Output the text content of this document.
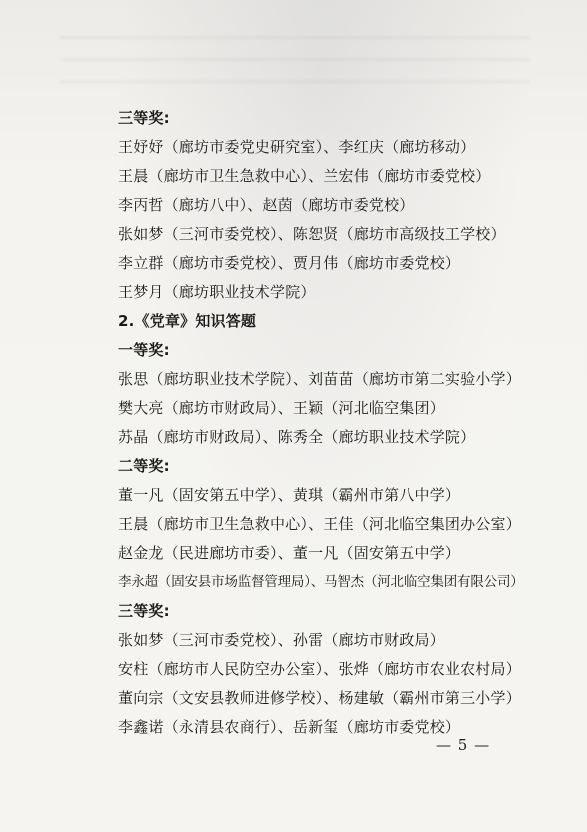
三等奖:
王妤妤（廊坊市委党史研究室）、李红庆（廊坊移动）
王晨（廊坊市卫生急救中心）、兰宏伟（廊坊市委党校）
李丙哲（廊坊八中）、赵茵（廊坊市委党校）
张如梦（三河市委党校）、陈恕贤（廊坊市高级技工学校）
李立群（廊坊市委党校）、贾月伟（廊坊市委党校）
王梦月（廊坊职业技术学院）
2.《党章》知识答题
一等奖:
张思（廊坊职业技术学院）、刘苗苗（廊坊市第二实验小学）
樊大亮（廊坊市财政局）、王颖（河北临空集团）
苏晶（廊坊市财政局）、陈秀全（廊坊职业技术学院）
二等奖:
董一凡（固安第五中学）、黄琪（霸州市第八中学）
王晨（廊坊市卫生急救中心）、王佳（河北临空集团办公室）
赵金龙（民进廊坊市委）、董一凡（固安第五中学）
李永超（固安县市场监督管理局）、马智杰（河北临空集团有限公司）
三等奖:
张如梦（三河市委党校）、孙雷（廊坊市财政局）
安柱（廊坊市人民防空办公室）、张烨（廊坊市农业农村局）
董向宗（文安县教师进修学校）、杨建敏（霸州市第三小学）
李鑫诺（永清县农商行）、岳新玺（廊坊市委党校）
— 5 —
